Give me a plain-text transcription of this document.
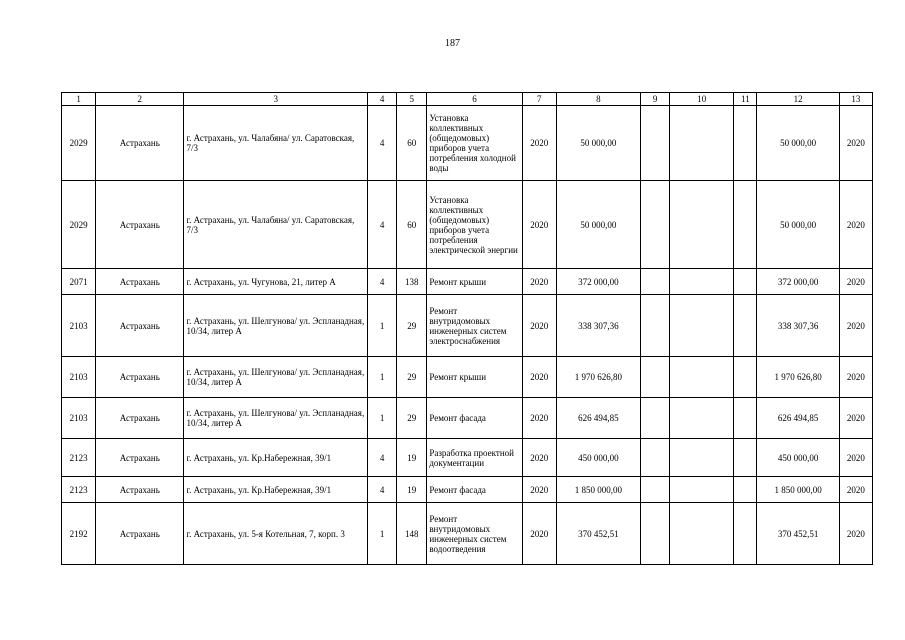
187
1	2	3	4	5	6	7	8	9	10	11	12	13
2029	Астрахань	г. Астрахань, ул. Чалабяна/ ул. Саратовская, 7/3	4	60	Установка коллективных (общедомовых) приборов учета потребления холодной воды	2020	50 000,00				50 000,00	2020
2029	Астрахань	г. Астрахань, ул. Чалабяна/ ул. Саратовская, 7/3	4	60	Установка коллективных (общедомовых) приборов учета потребления электрической энергии	2020	50 000,00				50 000,00	2020
2071	Астрахань	г. Астрахань, ул. Чугунова, 21, литер А	4	138	Ремонт крыши	2020	372 000,00				372 000,00	2020
2103	Астрахань	г. Астрахань, ул. Шелгунова/ ул. Эспланадная, 10/34, литер А	1	29	Ремонт внутридомовых инженерных систем электроснабжения	2020	338 307,36				338 307,36	2020
2103	Астрахань	г. Астрахань, ул. Шелгунова/ ул. Эспланадная, 10/34, литер А	1	29	Ремонт крыши	2020	1 970 626,80				1 970 626,80	2020
2103	Астрахань	г. Астрахань, ул. Шелгунова/ ул. Эспланадная, 10/34, литер А	1	29	Ремонт фасада	2020	626 494,85				626 494,85	2020
2123	Астрахань	г. Астрахань, ул. Кр.Набережная, 39/1	4	19	Разработка проектной документации	2020	450 000,00				450 000,00	2020
2123	Астрахань	г. Астрахань, ул. Кр.Набережная, 39/1	4	19	Ремонт фасада	2020	1 850 000,00				1 850 000,00	2020
2192	Астрахань	г. Астрахань, ул. 5-я Котельная, 7, корп. 3	1	148	Ремонт внутридомовых инженерных систем водоотведения	2020	370 452,51				370 452,51	2020
